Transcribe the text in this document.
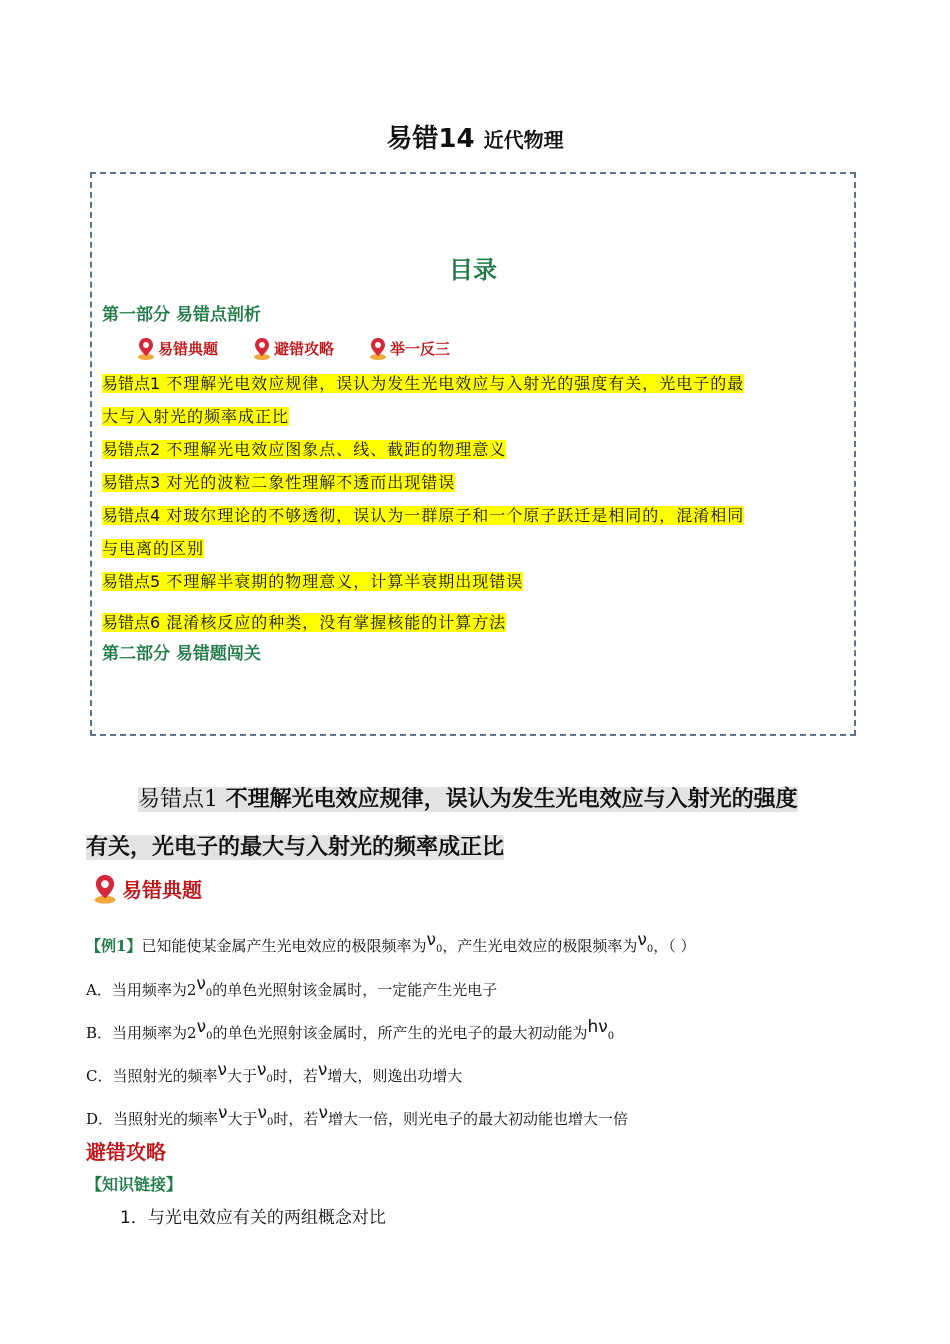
易错14 近代物理
目录
第一部分 易错点剖析
易错典题	避错攻略	举一反三
易错点1 不理解光电效应规律，误认为发生光电效应与入射光的强度有关，光电子的最
大与入射光的频率成正比
易错点2 不理解光电效应图象点、线、截距的物理意义
易错点3 对光的波粒二象性理解不透而出现错误
易错点4 对玻尔理论的不够透彻，误认为一群原子和一个原子跃迁是相同的，混淆相同
与电离的区别
易错点5 不理解半衰期的物理意义，计算半衰期出现错误
易错点6 混淆核反应的种类，没有掌握核能的计算方法
第二部分 易错题闯关
易错点1 不理解光电效应规律，误认为发生光电效应与入射光的强度
有关，光电子的最大与入射光的频率成正比
易错典题
【例1】已知能使某金属产生光电效应的极限频率为ν0，产生光电效应的极限频率为ν0，（ ）
A．当用频率为2ν0的单色光照射该金属时，一定能产生光电子
B．当用频率为2ν0的单色光照射该金属时，所产生的光电子的最大初动能为hν0
C．当照射光的频率ν大于ν0时，若ν增大，则逸出功增大
D．当照射光的频率ν大于ν0时，若ν增大一倍，则光电子的最大初动能也增大一倍
避错攻略
【知识链接】
1．与光电效应有关的两组概念对比
